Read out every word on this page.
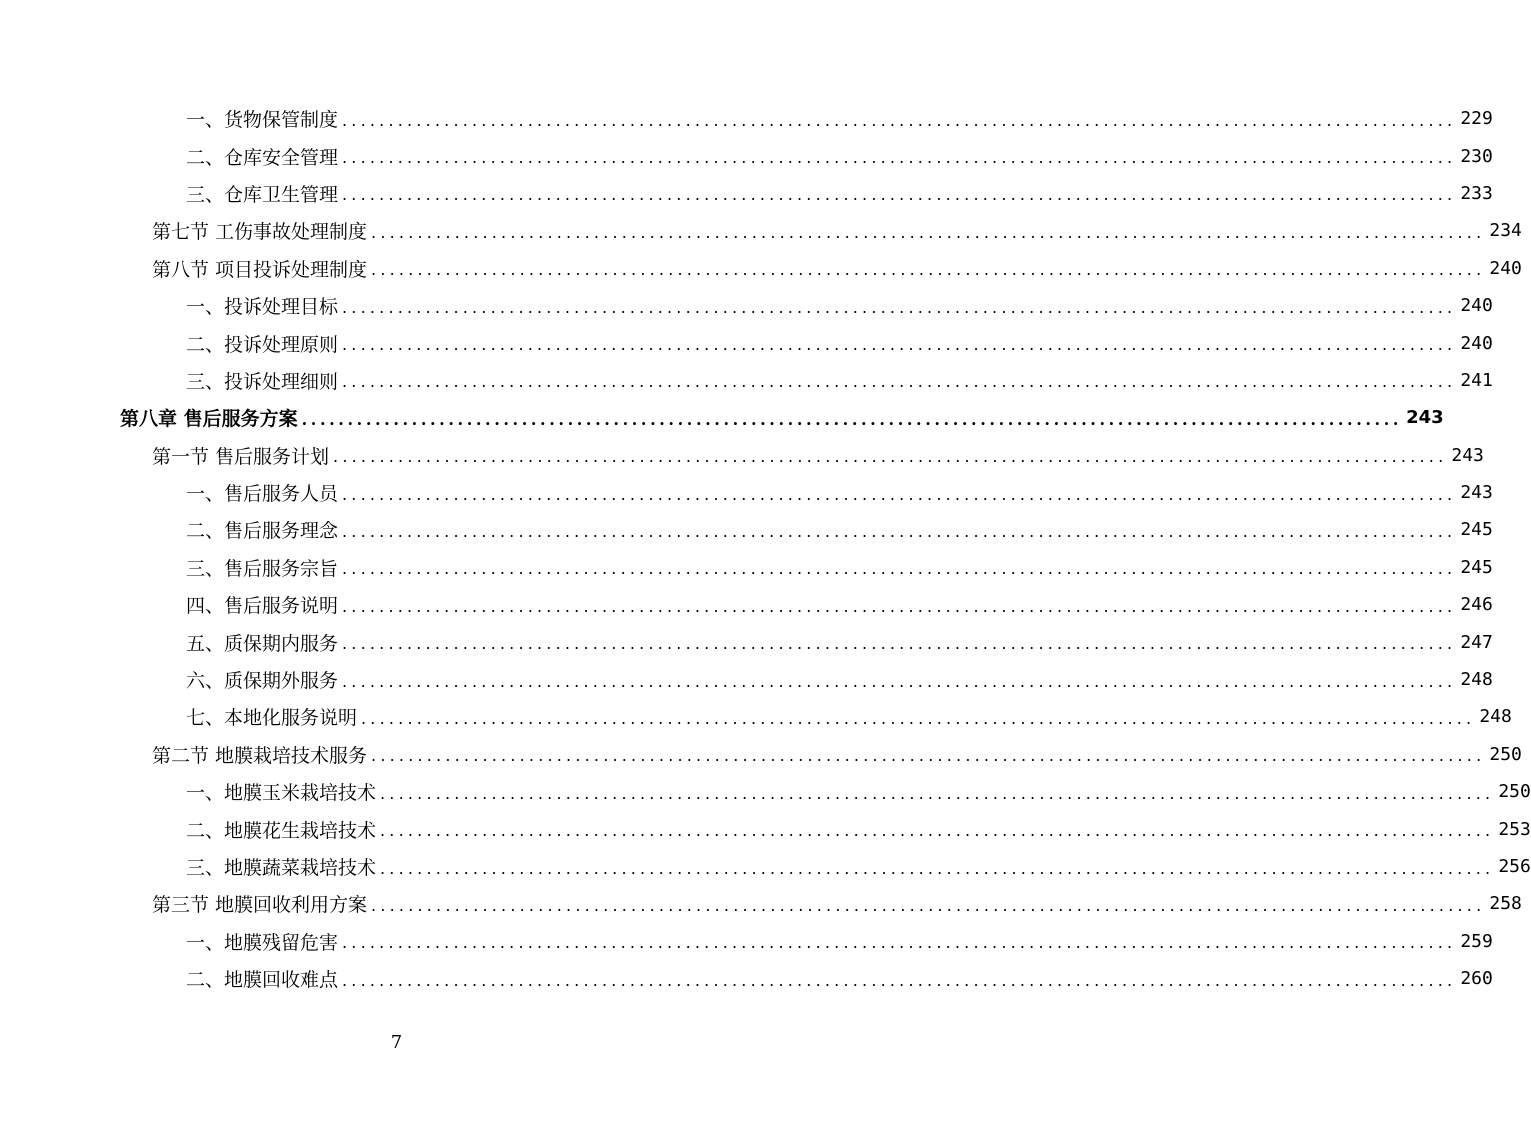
一、货物保管制度 ........................................................................................................................ 229
二、仓库安全管理 ........................................................................................................................ 230
三、仓库卫生管理 ........................................................................................................................ 233
第七节 工伤事故处理制度 ........................................................................................................................ 234
第八节 项目投诉处理制度 ........................................................................................................................ 240
一、投诉处理目标 ........................................................................................................................ 240
二、投诉处理原则 ........................................................................................................................ 240
三、投诉处理细则 ........................................................................................................................ 241
第八章 售后服务方案 ........................................................................................................................ 243
第一节 售后服务计划 ........................................................................................................................ 243
一、售后服务人员 ........................................................................................................................ 243
二、售后服务理念 ........................................................................................................................ 245
三、售后服务宗旨 ........................................................................................................................ 245
四、售后服务说明 ........................................................................................................................ 246
五、质保期内服务 ........................................................................................................................ 247
六、质保期外服务 ........................................................................................................................ 248
七、本地化服务说明 ........................................................................................................................ 248
第二节 地膜栽培技术服务 ........................................................................................................................ 250
一、地膜玉米栽培技术 ........................................................................................................................ 250
二、地膜花生栽培技术 ........................................................................................................................ 253
三、地膜蔬菜栽培技术 ........................................................................................................................ 256
第三节 地膜回收利用方案 ........................................................................................................................ 258
一、地膜残留危害 ........................................................................................................................ 259
二、地膜回收难点 ........................................................................................................................ 260
7
